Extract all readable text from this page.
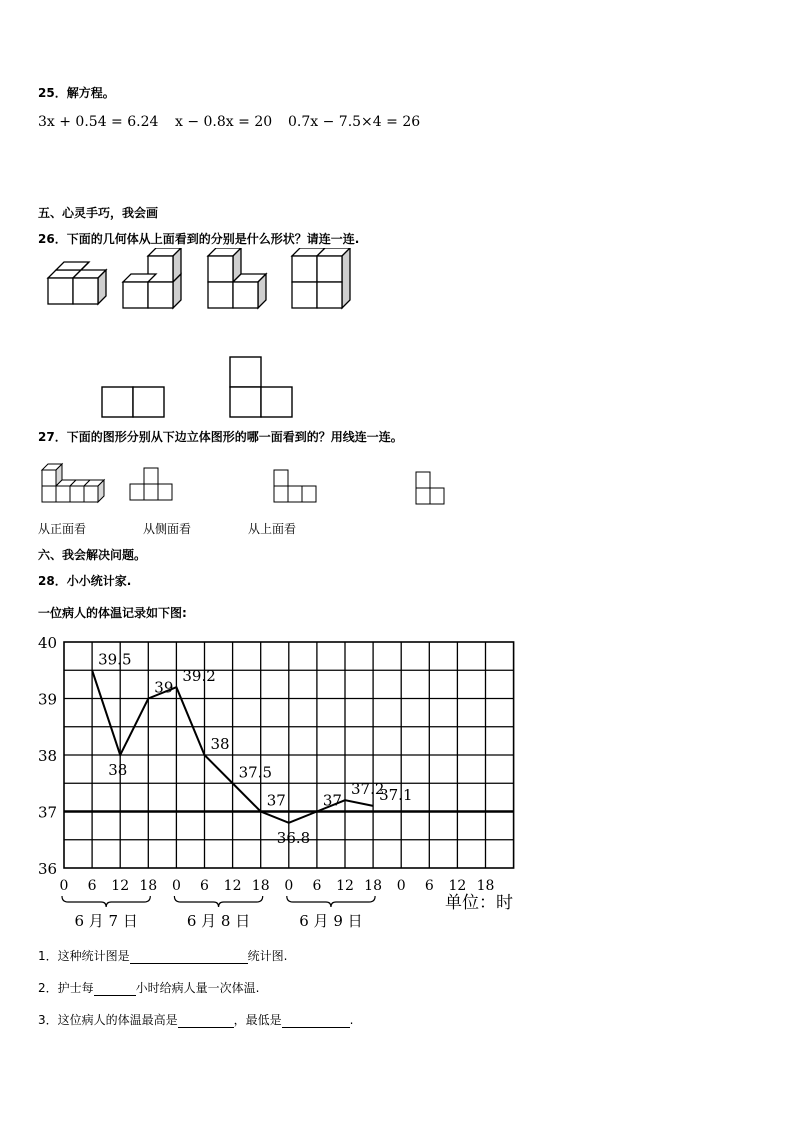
25．解方程。
3x + 0.54 = 6.24 x − 0.8x = 20 0.7x − 7.5×4 = 26
五、心灵手巧，我会画
26．下面的几何体从上面看到的分别是什么形状？请连一连.
27．下面的图形分别从下边立体图形的哪一面看到的？用线连一连。
从正面看	从侧面看	从上面看
六、我会解决问题。
28．小小统计家.
一位病人的体温记录如下图:
39.5
38
39
39.2
38
37.5
37
36.8
37
37.2
37.1
36
37
38
39
40
0 6 12 18 0 6 12 18 0 6 12 18 0 6 12 18
6 月 7 日	6 月 8 日	6 月 9 日
单位：时
1．这种统计图是	统计图.
2．护士每	小时给病人量一次体温.
3．这位病人的体温最高是	，最低是	.
